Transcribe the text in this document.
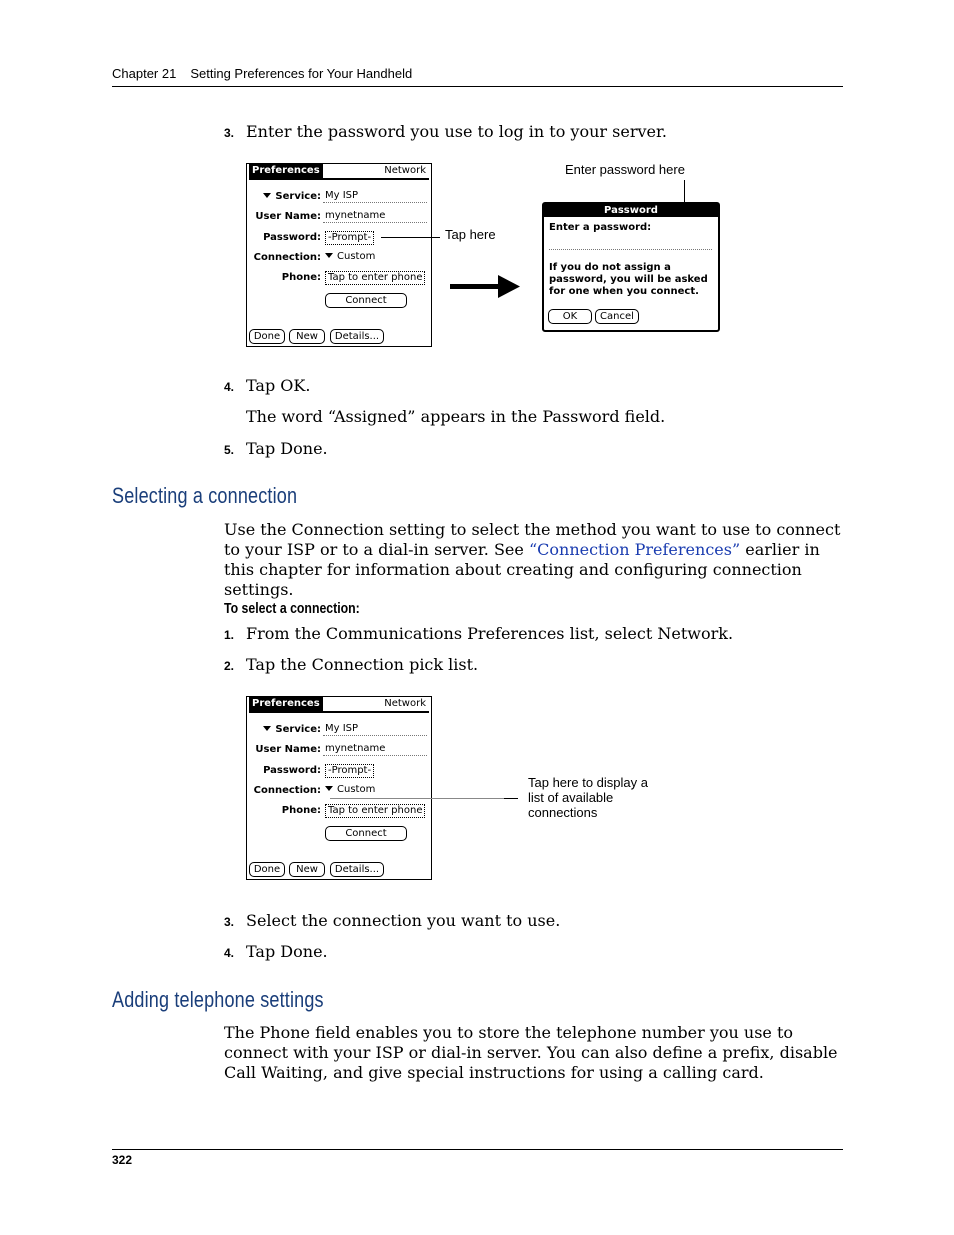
Chapter 21 Setting Preferences for Your Handheld
3. Enter the password you use to log in to your server.
Preferences	Network
Service: My ISP
User Name: mynetname
Password: -Prompt-
Connection:	Custom
Phone: Tap to enter phone
Connect
Done	New	Details...
Tap here
Enter password here
Password
Enter a password:
If you do not assign a password, you will be asked for one when you connect.
OK	Cancel
4. Tap OK.
The word “Assigned” appears in the Password field.
5. Tap Done.
Selecting a connection
Use the Connection setting to select the method you want to use to connect to your ISP or to a dial-in server. See “Connection Preferences” earlier in this chapter for information about creating and configuring connection settings.
To select a connection:
1. From the Communications Preferences list, select Network.
2. Tap the Connection pick list.
Preferences	Network
Service: My ISP
User Name: mynetname
Password: -Prompt-
Connection:	Custom
Phone: Tap to enter phone
Connect
Done	New	Details...
Tap here to display a
list of available
connections
3. Select the connection you want to use.
4. Tap Done.
Adding telephone settings
The Phone field enables you to store the telephone number you use to connect with your ISP or dial-in server. You can also define a prefix, disable Call Waiting, and give special instructions for using a calling card.
322
